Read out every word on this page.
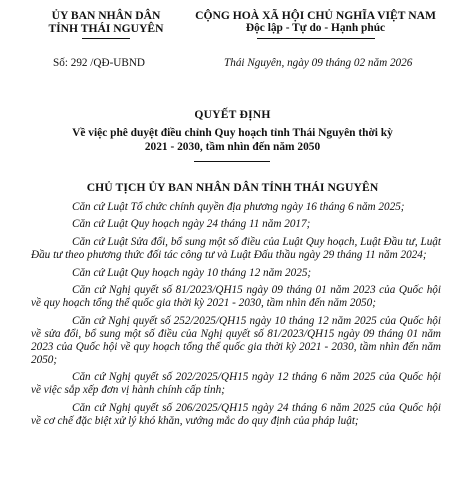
ỦY BAN NHÂN DÂN
TỈNH THÁI NGUYÊN
CỘNG HOÀ XÃ HỘI CHỦ NGHĨA VIỆT NAM
Độc lập - Tự do - Hạnh phúc
Số: 292 /QĐ-UBND	Thái Nguyên, ngày 09 tháng 02 năm 2026
QUYẾT ĐỊNH
Về việc phê duyệt điều chỉnh Quy hoạch tỉnh Thái Nguyên thời kỳ
2021 - 2030, tầm nhìn đến năm 2050
CHỦ TỊCH ỦY BAN NHÂN DÂN TỈNH THÁI NGUYÊN

Căn cứ Luật Tổ chức chính quyền địa phương ngày 16 tháng 6 năm 2025;

Căn cứ Luật Quy hoạch ngày 24 tháng 11 năm 2017;

Căn cứ Luật Sửa đổi, bổ sung một số điều của Luật Quy hoạch, Luật Đầu tư, Luật Đầu tư theo phương thức đối tác công tư và Luật Đấu thầu ngày 29 tháng 11 năm 2024;

Căn cứ Luật Quy hoạch ngày 10 tháng 12 năm 2025;

Căn cứ Nghị quyết số 81/2023/QH15 ngày 09 tháng 01 năm 2023 của Quốc hội về quy hoạch tổng thể quốc gia thời kỳ 2021 - 2030, tầm nhìn đến năm 2050;

Căn cứ Nghị quyết số 252/2025/QH15 ngày 10 tháng 12 năm 2025 của Quốc hội về sửa đổi, bổ sung một số điều của Nghị quyết số 81/2023/QH15 ngày 09 tháng 01 năm 2023 của Quốc hội về quy hoạch tổng thể quốc gia thời kỳ 2021 - 2030, tầm nhìn đến năm 2050;

Căn cứ Nghị quyết số 202/2025/QH15 ngày 12 tháng 6 năm 2025 của Quốc hội về việc sắp xếp đơn vị hành chính cấp tỉnh;

Căn cứ Nghị quyết số 206/2025/QH15 ngày 24 tháng 6 năm 2025 của Quốc hội về cơ chế đặc biệt xử lý khó khăn, vướng mắc do quy định của pháp luật;
